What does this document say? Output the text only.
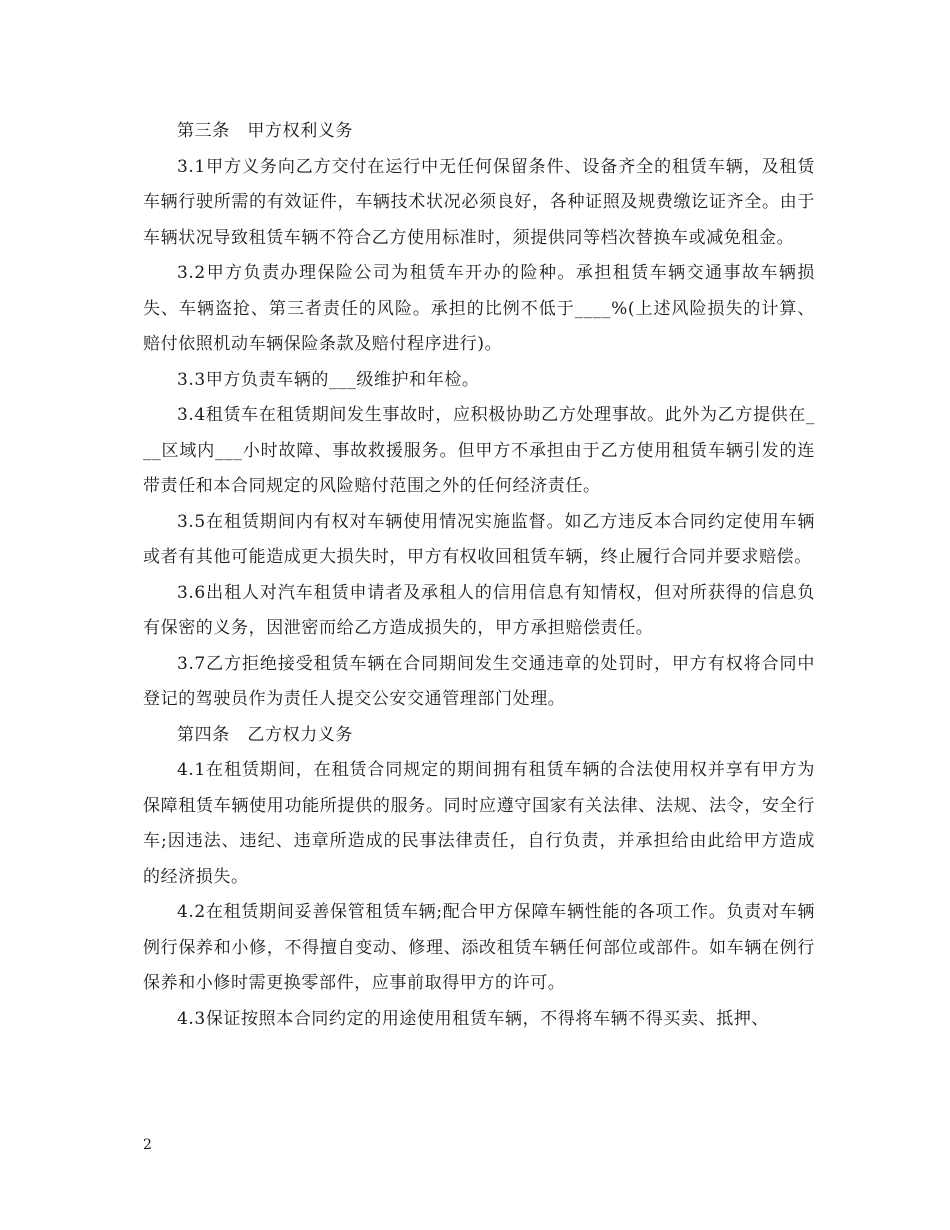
第三条　甲方权利义务

3.1甲方义务向乙方交付在运行中无任何保留条件、设备齐全的租赁车辆，及租赁车辆行驶所需的有效证件，车辆技术状况必须良好，各种证照及规费缴讫证齐全。由于车辆状况导致租赁车辆不符合乙方使用标准时，须提供同等档次替换车或减免租金。

3.2甲方负责办理保险公司为租赁车开办的险种。承担租赁车辆交通事故车辆损失、车辆盗抢、第三者责任的风险。承担的比例不低于____%(上述风险损失的计算、赔付依照机动车辆保险条款及赔付程序进行)。

3.3甲方负责车辆的___级维护和年检。

3.4租赁车在租赁期间发生事故时，应积极协助乙方处理事故。此外为乙方提供在___区域内___小时故障、事故救援服务。但甲方不承担由于乙方使用租赁车辆引发的连带责任和本合同规定的风险赔付范围之外的任何经济责任。

3.5在租赁期间内有权对车辆使用情况实施监督。如乙方违反本合同约定使用车辆或者有其他可能造成更大损失时，甲方有权收回租赁车辆，终止履行合同并要求赔偿。

3.6出租人对汽车租赁申请者及承租人的信用信息有知情权，但对所获得的信息负有保密的义务，因泄密而给乙方造成损失的，甲方承担赔偿责任。

3.7乙方拒绝接受租赁车辆在合同期间发生交通违章的处罚时，甲方有权将合同中登记的驾驶员作为责任人提交公安交通管理部门处理。

第四条　乙方权力义务

4.1在租赁期间，在租赁合同规定的期间拥有租赁车辆的合法使用权并享有甲方为保障租赁车辆使用功能所提供的服务。同时应遵守国家有关法律、法规、法令，安全行车;因违法、违纪、违章所造成的民事法律责任，自行负责，并承担给由此给甲方造成的经济损失。

4.2在租赁期间妥善保管租赁车辆;配合甲方保障车辆性能的各项工作。负责对车辆例行保养和小修，不得擅自变动、修理、添改租赁车辆任何部位或部件。如车辆在例行保养和小修时需更换零部件，应事前取得甲方的许可。

4.3保证按照本合同约定的用途使用租赁车辆，不得将车辆不得买卖、抵押、

2
